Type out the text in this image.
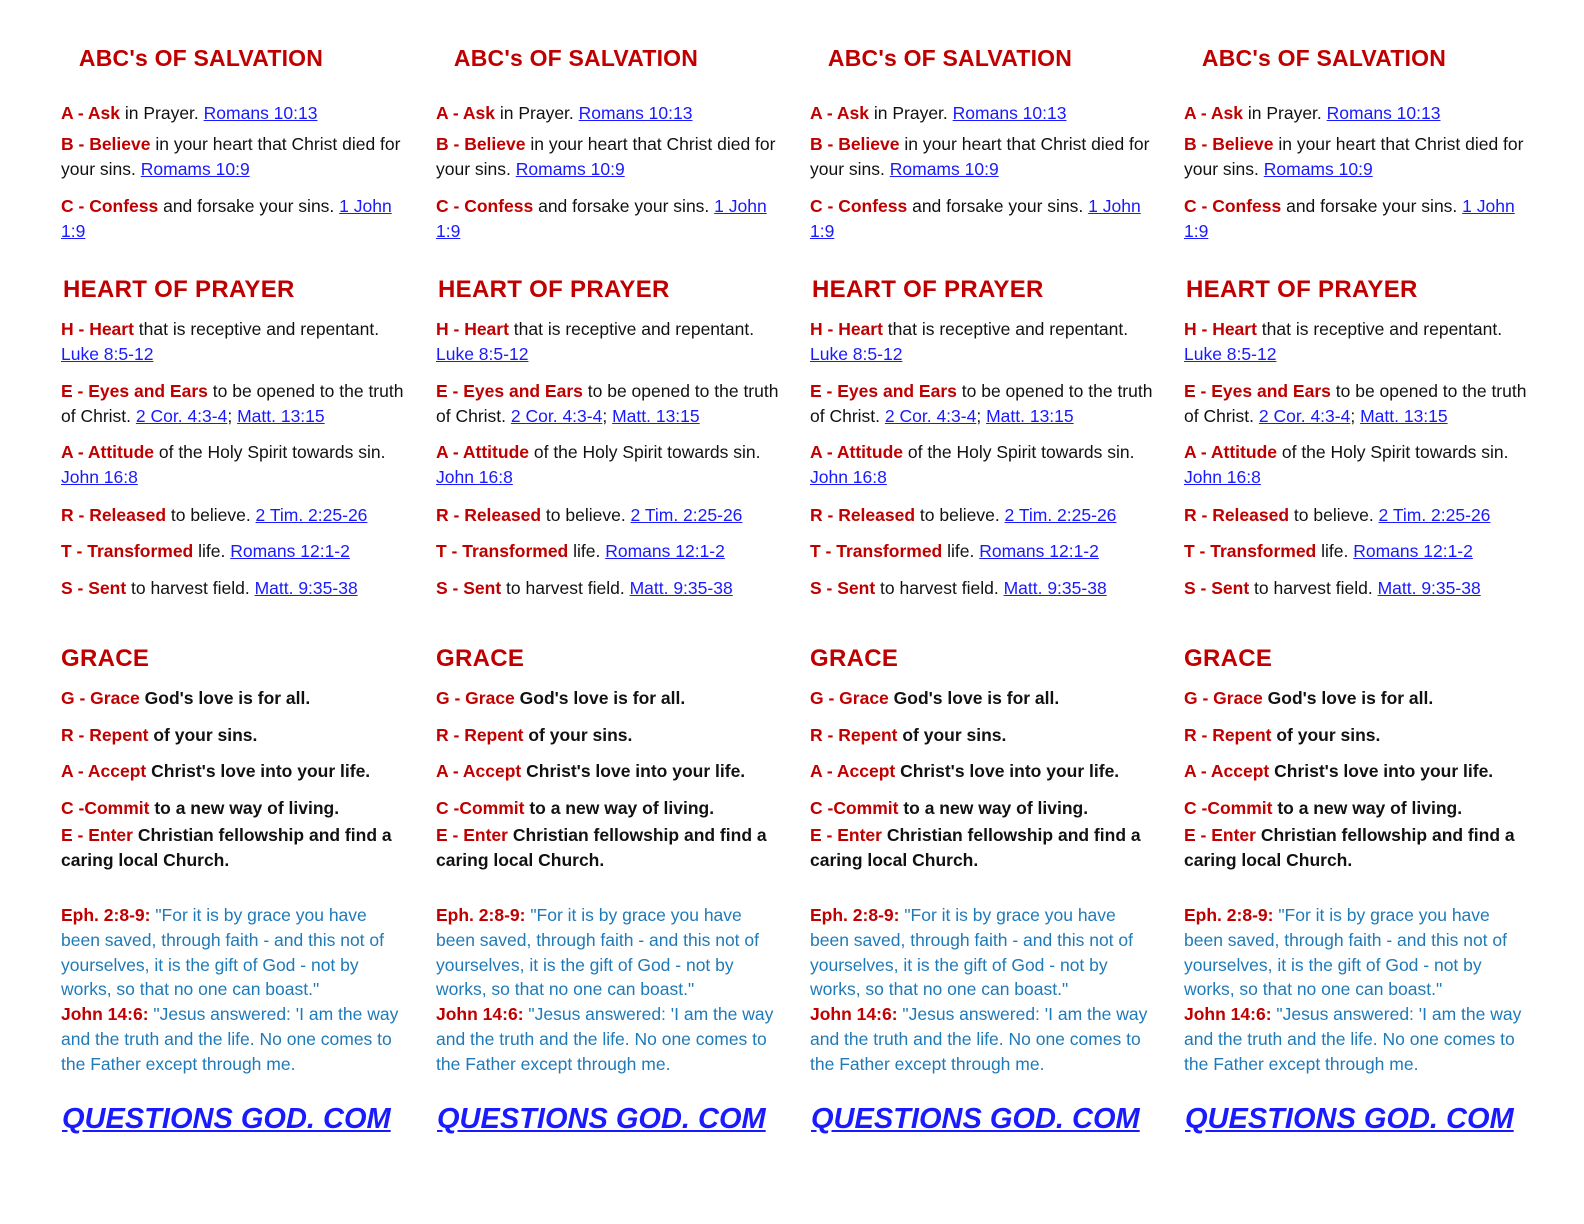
ABC's OF SALVATION
A - Ask in Prayer. Romans 10:13
B - Believe in your heart that Christ died for your sins. Romams 10:9
C - Confess and forsake your sins. 1 John 1:9
HEART OF PRAYER
H - Heart that is receptive and repentant. Luke 8:5-12
E - Eyes and Ears to be opened to the truth of Christ. 2 Cor. 4:3-4; Matt. 13:15
A - Attitude of the Holy Spirit towards sin. John 16:8
R - Released to believe. 2 Tim. 2:25-26
T - Transformed life. Romans 12:1-2
S - Sent to harvest field. Matt. 9:35-38
GRACE
G - Grace God's love is for all.
R - Repent of your sins.
A - Accept Christ's love into your life.
C -Commit to a new way of living.
E - Enter Christian fellowship and find a caring local Church.
Eph. 2:8-9: "For it is by grace you have been saved, through faith - and this not of yourselves, it is the gift of God - not by works, so that no one can boast."
John 14:6: "Jesus answered: 'I am the way and the truth and the life. No one comes to the Father except through me.
QUESTIONS GOD. COM
ABC's OF SALVATION
A - Ask in Prayer. Romans 10:13
B - Believe in your heart that Christ died for your sins. Romams 10:9
C - Confess and forsake your sins. 1 John 1:9
HEART OF PRAYER
H - Heart that is receptive and repentant. Luke 8:5-12
E - Eyes and Ears to be opened to the truth of Christ. 2 Cor. 4:3-4; Matt. 13:15
A - Attitude of the Holy Spirit towards sin. John 16:8
R - Released to believe. 2 Tim. 2:25-26
T - Transformed life. Romans 12:1-2
S - Sent to harvest field. Matt. 9:35-38
GRACE
G - Grace God's love is for all.
R - Repent of your sins.
A - Accept Christ's love into your life.
C -Commit to a new way of living.
E - Enter Christian fellowship and find a caring local Church.
Eph. 2:8-9: "For it is by grace you have been saved, through faith - and this not of yourselves, it is the gift of God - not by works, so that no one can boast."
John 14:6: "Jesus answered: 'I am the way and the truth and the life. No one comes to the Father except through me.
QUESTIONS GOD. COM
ABC's OF SALVATION
A - Ask in Prayer. Romans 10:13
B - Believe in your heart that Christ died for your sins. Romams 10:9
C - Confess and forsake your sins. 1 John 1:9
HEART OF PRAYER
H - Heart that is receptive and repentant. Luke 8:5-12
E - Eyes and Ears to be opened to the truth of Christ. 2 Cor. 4:3-4; Matt. 13:15
A - Attitude of the Holy Spirit towards sin. John 16:8
R - Released to believe. 2 Tim. 2:25-26
T - Transformed life. Romans 12:1-2
S - Sent to harvest field. Matt. 9:35-38
GRACE
G - Grace God's love is for all.
R - Repent of your sins.
A - Accept Christ's love into your life.
C -Commit to a new way of living.
E - Enter Christian fellowship and find a caring local Church.
Eph. 2:8-9: "For it is by grace you have been saved, through faith - and this not of yourselves, it is the gift of God - not by works, so that no one can boast."
John 14:6: "Jesus answered: 'I am the way and the truth and the life. No one comes to the Father except through me.
QUESTIONS GOD. COM
ABC's OF SALVATION
A - Ask in Prayer. Romans 10:13
B - Believe in your heart that Christ died for your sins. Romams 10:9
C - Confess and forsake your sins. 1 John 1:9
HEART OF PRAYER
H - Heart that is receptive and repentant. Luke 8:5-12
E - Eyes and Ears to be opened to the truth of Christ. 2 Cor. 4:3-4; Matt. 13:15
A - Attitude of the Holy Spirit towards sin. John 16:8
R - Released to believe. 2 Tim. 2:25-26
T - Transformed life. Romans 12:1-2
S - Sent to harvest field. Matt. 9:35-38
GRACE
G - Grace God's love is for all.
R - Repent of your sins.
A - Accept Christ's love into your life.
C -Commit to a new way of living.
E - Enter Christian fellowship and find a caring local Church.
Eph. 2:8-9: "For it is by grace you have been saved, through faith - and this not of yourselves, it is the gift of God - not by works, so that no one can boast."
John 14:6: "Jesus answered: 'I am the way and the truth and the life. No one comes to the Father except through me.
QUESTIONS GOD. COM
